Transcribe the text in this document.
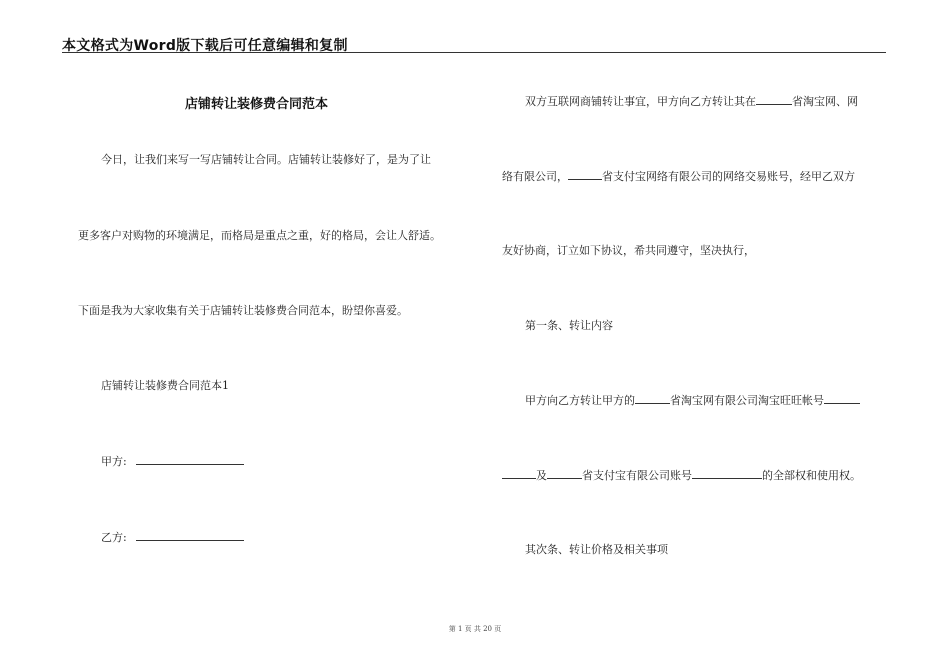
本文格式为Word版下载后可任意编辑和复制
店铺转让装修费合同范本
今日，让我们来写一写店铺转让合同。店铺转让装修好了，是为了让
更多客户对购物的环境满足，而格局是重点之重，好的格局，会让人舒适。
下面是我为大家收集有关于店铺转让装修费合同范本，盼望你喜爱。
店铺转让装修费合同范本1
甲方:
乙方:
双方互联网商铺转让事宜，甲方向乙方转让其在	省淘宝网、网
络有限公司，	省支付宝网络有限公司的网络交易账号，经甲乙双方
友好协商，订立如下协议，希共同遵守，坚决执行，
第一条、转让内容
甲方向乙方转让甲方的	省淘宝网有限公司淘宝旺旺帐号
及	省支付宝有限公司账号	的全部权和使用权。
其次条、转让价格及相关事项
第 1 页 共 20 页
